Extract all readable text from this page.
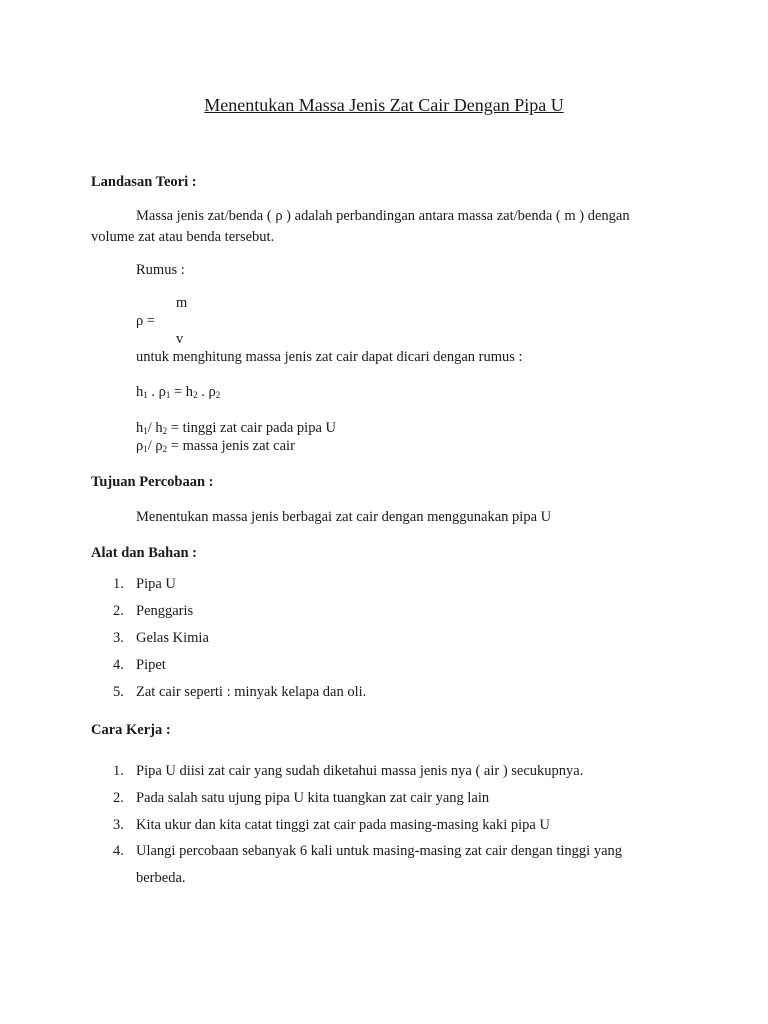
Menentukan Massa Jenis Zat Cair Dengan Pipa U
Landasan Teori :
Massa jenis zat/benda ( ρ ) adalah perbandingan antara massa zat/benda ( m ) dengan
volume zat atau benda tersebut.
Rumus :
m
ρ =
v
untuk menghitung massa jenis zat cair dapat dicari dengan rumus :
$h_1$ . $\rho_1 = h_2$ . $\rho_2$
$h_1/$ $h_2$ = tinggi zat cair pada pipa U
$\rho_1/$ $\rho_2$ = massa jenis zat cair
Tujuan Percobaan :
Menentukan massa jenis berbagai zat cair dengan menggunakan pipa U
Alat dan Bahan :
1. Pipa U
2. Penggaris
3. Gelas Kimia
4. Pipet
5. Zat cair seperti : minyak kelapa dan oli.
Cara Kerja :
1. Pipa U diisi zat cair yang sudah diketahui massa jenis nya ( air ) secukupnya.
2. Pada salah satu ujung pipa U kita tuangkan zat cair yang lain
3. Kita ukur dan kita catat tinggi zat cair pada masing-masing kaki pipa U
4. Ulangi percobaan sebanyak 6 kali untuk masing-masing zat cair dengan tinggi yang berbeda.
